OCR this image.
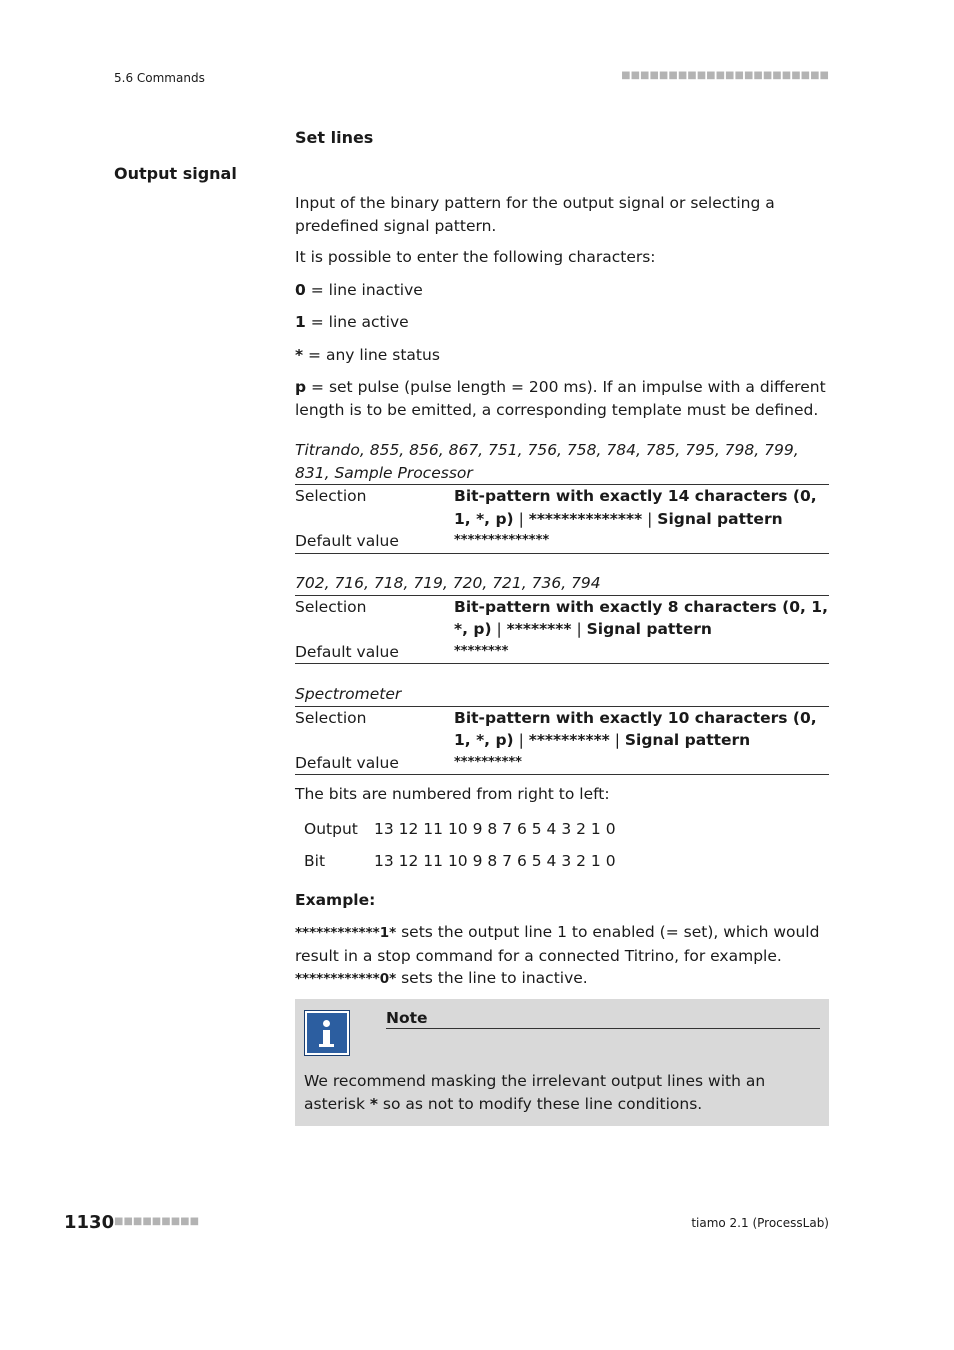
5.6 Commands	■■■■■■■■■■■■■■■■■■■■■■
Set lines
Output signal

Input of the binary pattern for the output signal or selecting a predefined signal pattern.

It is possible to enter the following characters:

0 = line inactive

1 = line active

* = any line status

p = set pulse (pulse length = 200 ms). If an impulse with a different length is to be emitted, a corresponding template must be defined.

Titrando, 855, 856, 867, 751, 756, 758, 784, 785, 795, 798, 799, 831, Sample Processor
Selection	Bit-pattern with exactly 14 characters (0, 1, *, p) | ************** | Signal pattern
Default value	**************
702, 716, 718, 719, 720, 721, 736, 794
Selection	Bit-pattern with exactly 8 characters (0, 1, *, p) | ******** | Signal pattern
Default value	********
Spectrometer
Selection	Bit-pattern with exactly 10 characters (0, 1, *, p) | ********** | Signal pattern
Default value	**********
The bits are numbered from right to left:
Output 13 12 11 10 9 8 7 6 5 4 3 2 1 0
Bit	13 12 11 10 9 8 7 6 5 4 3 2 1 0
Example:
************1* sets the output line 1 to enabled (= set), which would result in a stop command for a connected Titrino, for example. ************0* sets the line to inactive.
Note
We recommend masking the irrelevant output lines with an asterisk * so as not to modify these line conditions.
1130 ■■■■■■■■■	tiamo 2.1 (ProcessLab)
